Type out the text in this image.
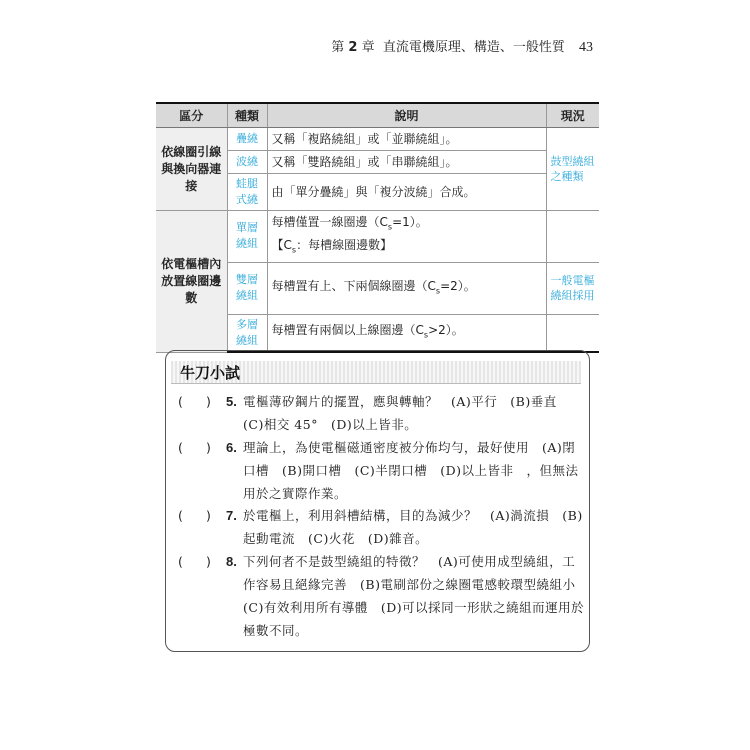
第 2 章 直流電機原理、構造、一般性質 43
區分	種類	說明	現況
依線圈引線與換向器連接	疊繞	又稱「複路繞組」或「並聯繞組」。	鼓型繞組之種類
	波繞	又稱「雙路繞組」或「串聯繞組」。	
	蛙腿式繞	由「單分疊繞」與「複分波繞」合成。	
依電樞槽內放置線圈邊數	單層繞組	每槽僅置一線圈邊$(C_s=1)$。
【$C_s$：每槽線圈邊數】	
	雙層繞組	每槽置有上、下兩個線圈邊$(C_s=2)$。	一般電樞繞組採用
	多層繞組	每槽置有兩個以上線圈邊$(C_s>2)$。	
牛刀小試
( ) 5. 電樞薄矽鋼片的擺置，應與轉軸？　(A)平行　(B)垂直　(C)相交 45°　(D)以上皆非。
( ) 6. 理論上，為使電樞磁通密度被分佈均勻，最好使用　(A)閉口槽　(B)開口槽　(C)半閉口槽　(D)以上皆非　，但無法用於之實際作業。
( ) 7. 於電樞上，利用斜槽結構，目的為減少？　(A)渦流損　(B)起動電流　(C)火花　(D)雜音。
( ) 8. 下列何者不是鼓型繞組的特徵？　(A)可使用成型繞組，工作容易且絕緣完善　(B)電刷部份之線圈電感較環型繞組小　(C)有效利用所有導體　(D)可以採同一形狀之繞組而運用於極數不同。
